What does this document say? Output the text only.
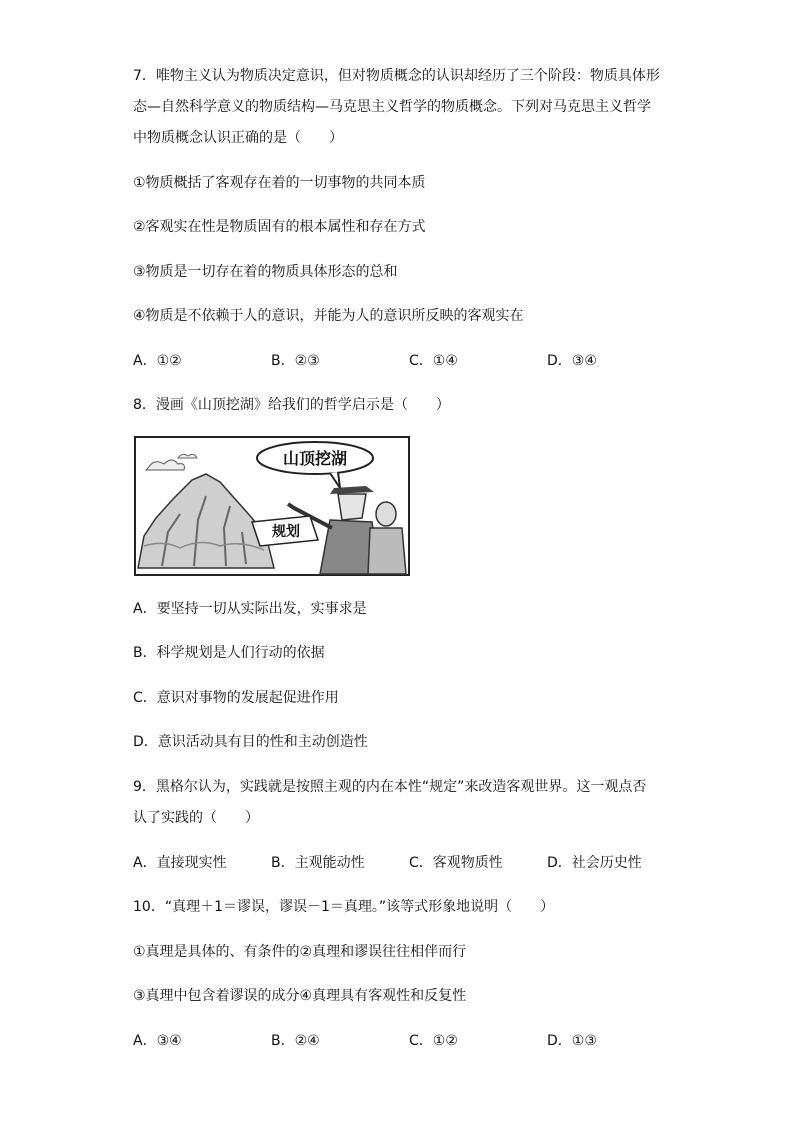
7．唯物主义认为物质决定意识，但对物质概念的认识却经历了三个阶段：物质具体形
态—自然科学意义的物质结构—马克思主义哲学的物质概念。下列对马克思主义哲学
中物质概念认识正确的是（　　）
①物质概括了客观存在着的一切事物的共同本质
②客观实在性是物质固有的根本属性和存在方式
③物质是一切存在着的物质具体形态的总和
④物质是不依赖于人的意识，并能为人的意识所反映的客观实在
A．①②	B．②③	C．①④	D．③④
8．漫画《山顶挖湖》给我们的哲学启示是（　　）
山顶挖湖
规划
A．要坚持一切从实际出发，实事求是
B．科学规划是人们行动的依据
C．意识对事物的发展起促进作用
D．意识活动具有目的性和主动创造性
9．黑格尔认为，实践就是按照主观的内在本性“规定”来改造客观世界。这一观点否
认了实践的（　　）
A．直接现实性	B．主观能动性	C．客观物质性	D．社会历史性
10．“真理＋1＝谬误，谬误－1＝真理。”该等式形象地说明（　　）
①真理是具体的、有条件的②真理和谬误往往相伴而行
③真理中包含着谬误的成分④真理具有客观性和反复性
A．③④	B．②④	C．①②	D．①③
